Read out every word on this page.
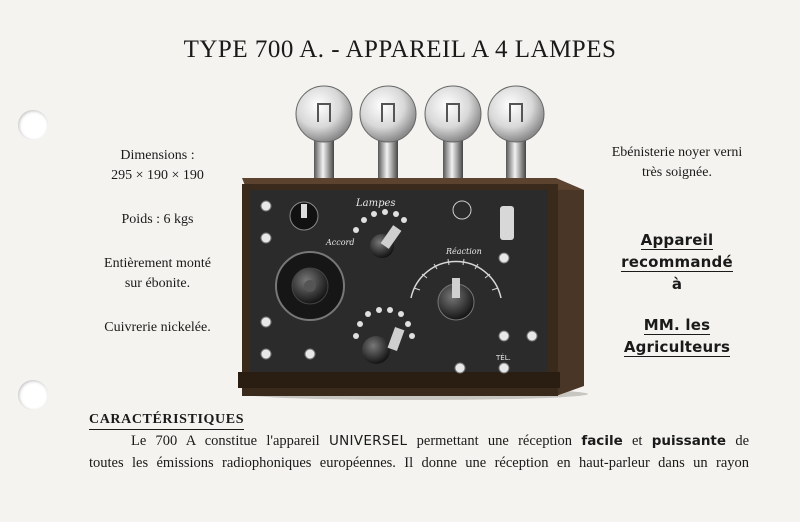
TYPE 700 A. - APPAREIL A 4 LAMPES
Dimensions :
295 × 190 × 190
Poids : 6 kgs
Entièrement monté
sur ébonite.
Cuivrerie nickelée.
Ebénisterie noyer verni
très soignée.
Appareil recommandé
à
MM. les Agriculteurs
Lampes
Accord
Réaction
TÉL.
CARACTÉRISTIQUES
Le 700 A constitue l'appareil UNIVERSEL permettant une réception facile et puissante de
toutes les émissions radiophoniques européennes. Il donne une réception en haut-parleur dans un rayon
